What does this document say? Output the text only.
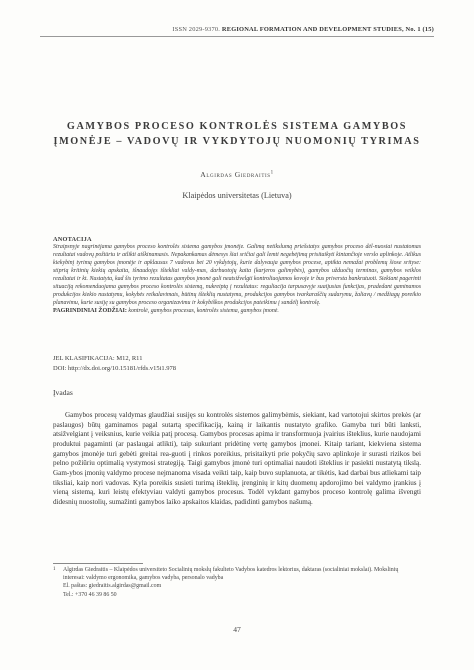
ISSN 2029-9370. REGIONAL FORMATION AND DEVELOPMENT STUDIES, No. 1 (15)
GAMYBOS PROCESO KONTROLĖS SISTEMA GAMYBOS
ĮMONĖJE – VADOVŲ IR VYKDYTOJŲ NUOMONIŲ TYRIMAS
Algirdas Giedraitis$^1$
Klaipėdos universitetas (Lietuva)
ANOTACIJA

Straipsnyje nagrinėjama gamybos proceso kontrolės sistema gamybos įmonėje. Galimą netikslumą priešstatys gamybos proceso dėl-nuosiai nustatomas rezultatai vadovų požiūriu ir atlikti aiškinamasis. Nepakankamas dėmesys šiai sričiai gali lemti negebėjimą prisitaikyti kintančioje verslo aplinkoje. Atlikus kiekybinį tyrimą gamybos įmonėje ir apklausus 7 vadovus bei 20 vykdytojų, kurie dalyvauja gamybos procese, aptikta nemažai problemų šiose srityse: stiprią kritinių kiekių apskaita, išnaudojęs ištekliai valdy-mas, darbuotojų kaita (karjeros galimybės), gamybos užduočių terminas, gamybos veiklos rezultatai ir kt. Nustatyta, kad šis tyrimo rezultatas gamybos įmonė gali neatsižvelgti kontroliuojamos kovoje ir bus priversta bankrutuoti. Siekiant pagerinti situaciją rekomenduojama gamybos proceso kontrolės sistemą, nukreiptą į rezultatus: reguliacija tarpusavyje suaijusias funkcijas, pradedant gaminamos produkcijos kiekio nustatymu, kokybės reikalavimais, būtinų išteklių nustatymu, produkcijos gamybos tvarkaraščių sudarymu, žaliavų / medžiagų poreikio planavimu, kurie susiję su gamybos proceso organizavimu ir kokybiškos produkcijos pateikimu į sandėlį kontrolę.

PAGRINDINIAI ŽODŽIAI: kontrolė, gamybos procesas, kontrolės sistema, gamybos įmonė.

JEL KLASIFIKACIJA: M12, R11
DOI: http://dx.doi.org/10.15181/rfds.v15i1.978
Įvadas

Gamybos procesų valdymas glaudžiai susijęs su kontrolės sistemos galimybėmis, siekiant, kad vartotojui skirtos prekės (ar paslaugos) būtų gaminamos pagal sutartą specifikaciją, kainą ir laikantis nustatyto grafiko. Gamyba turi būti lanksti, atsižvelgiant į veiksnius, kurie veikia patį procesą. Gamybos procesas apima ir transformuoja įvairius išteklius, kurie naudojami produktui pagaminti (ar paslaugai atlikti), taip sukuriant pridėtinę vertę gamybos įmonei. Kitaip tariant, kiekviena sistema gamybos įmonėje turi gebėti greitai rea-guoti į rinkos poreikius, prisitaikyti prie pokyčių savo aplinkoje ir surasti rizikos bei pelno požiūriu optimalią vystymosi strategiją. Taigi gamybos įmonė turi optimaliai naudoti išteklius ir pasiekti nustatytą tikslą. Gam-ybos įmonių valdymo procese nejmanoma visada veikti taip, kaip buvo suplanuota, ar tikėtis, kad darbai bus atliekami taip tiksliai, kaip nori vadovas. Kyla poreikis susieti turimą išteklių, įrenginių ir kitų duomenų apdorojimo bei valdymo įrankius į vieną sistemą, kuri leistų efektyviau valdyti gamybos procesus. Todėl vykdant gamybos proceso kontrolę galima išvengti didesnių nuostolių, sumažinti gamybos laiko apskaitos klaidas, padidinti gamybos našumą.

1 Algirdas Giedraitis – Klaipėdos universiteto Socialinių mokslų fakulteto Vadybos katedros lektorius, daktaras (socialiniai mokslai). Mokslinių interesai: valdymo ergonomika, gamybos vadyba, personalo vadyba
El. paštas: giedraitis.algirdas@gmail.com
Tel.: +370 46 39 86 50
47
